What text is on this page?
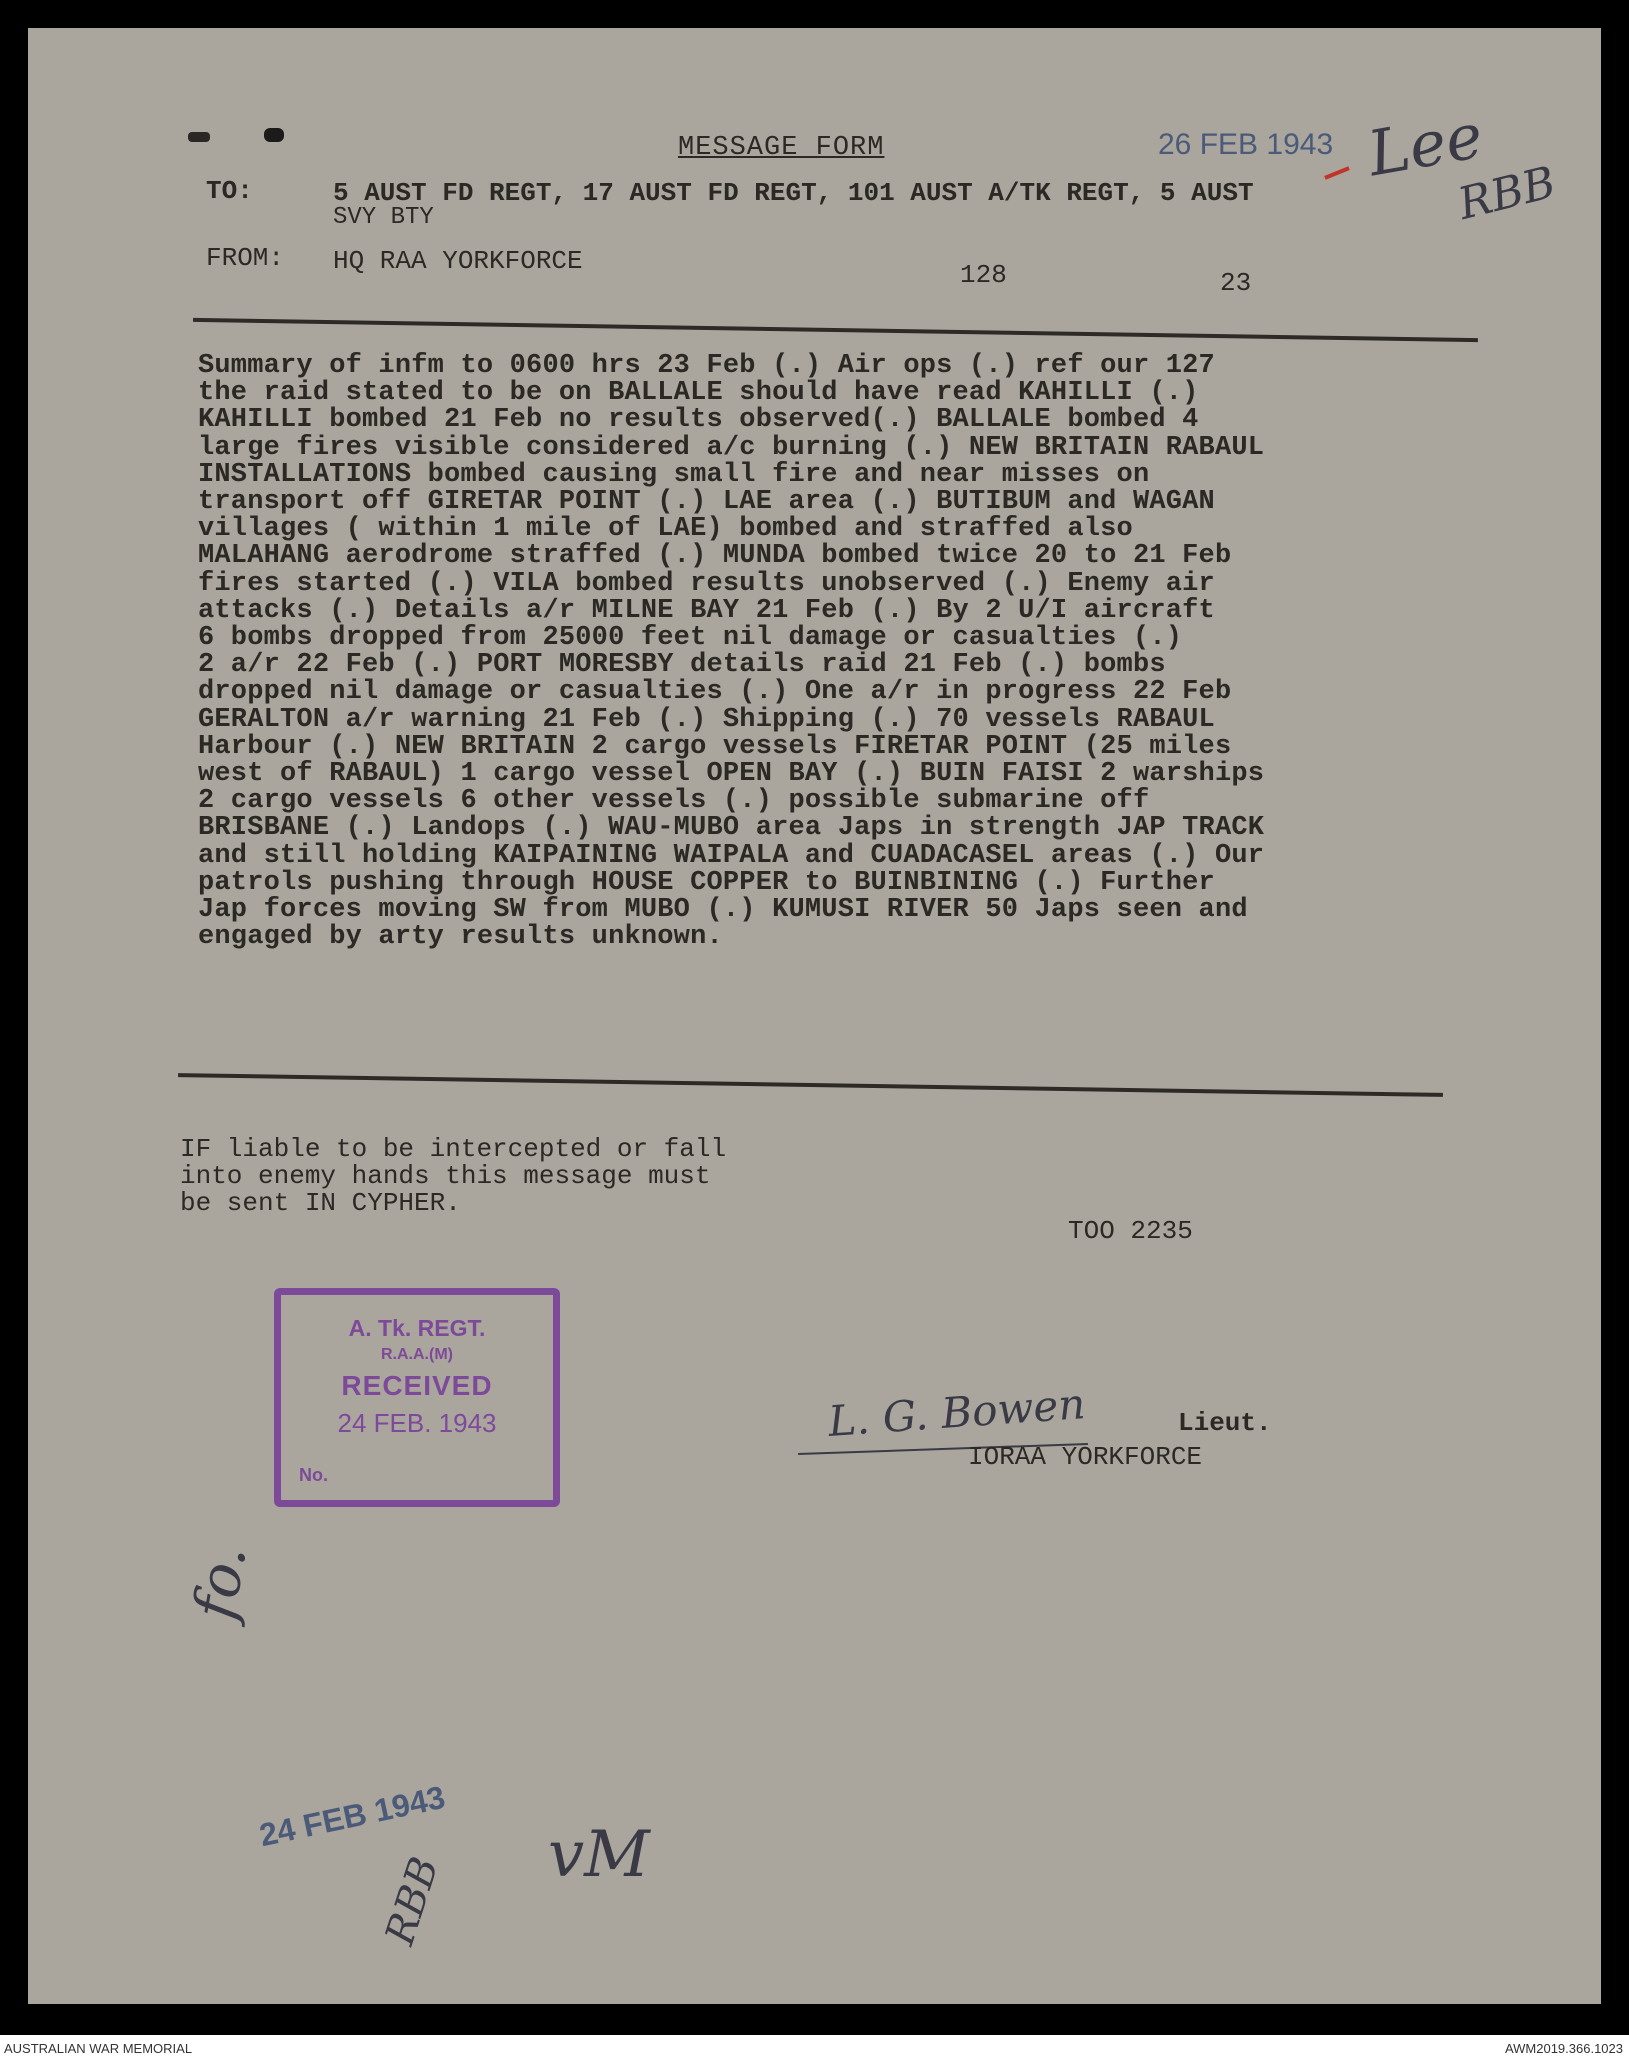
MESSAGE FORM	26 FEB 1943 Lee
RBB
TO:	5 AUST FD REGT, 17 AUST FD REGT, 101 AUST A/TK REGT, 5 AUST
SVY BTY
FROM: HQ RAA YORKFORCE	128	23
Summary of infm to 0600 hrs 23 Feb (.) Air ops (.) ref our 127
the raid stated to be on BALLALE should have read KAHILLI (.)
KAHILLI bombed 21 Feb no results observed(.) BALLALE bombed 4
large fires visible considered a/c burning (.) NEW BRITAIN RABAUL
INSTALLATIONS bombed causing small fire and near misses on
transport off GIRETAR POINT (.) LAE area (.) BUTIBUM and WAGAN
villages ( within 1 mile of LAE) bombed and straffed also
MALAHANG aerodrome straffed (.) MUNDA bombed twice 20 to 21 Feb
fires started (.) VILA bombed results unobserved (.) Enemy air
attacks (.) Details a/r MILNE BAY 21 Feb (.) By 2 U/I aircraft
6 bombs dropped from 25000 feet nil damage or casualties (.)
2 a/r 22 Feb (.) PORT MORESBY details raid 21 Feb (.) bombs
dropped nil damage or casualties (.) One a/r in progress 22 Feb
GERALTON a/r warning 21 Feb (.) Shipping (.) 70 vessels RABAUL
Harbour (.) NEW BRITAIN 2 cargo vessels FIRETAR POINT (25 miles
west of RABAUL) 1 cargo vessel OPEN BAY (.) BUIN FAISI 2 warships
2 cargo vessels 6 other vessels (.) possible submarine off
BRISBANE (.) Landops (.) WAU-MUBO area Japs in strength JAP TRACK
and still holding KAIPAINING WAIPALA and CUADACASEL areas (.) Our
patrols pushing through HOUSE COPPER to BUINBINING (.) Further
Jap forces moving SW from MUBO (.) KUMUSI RIVER 50 Japs seen and
engaged by arty results unknown.
IF liable to be intercepted or fall
into enemy hands this message must
be sent IN CYPHER.
TOO 2235
A. Tk. REGT.
R.A.A.(M)
RECEIVED
24 FEB. 1943
No.
L. G. Bowen	Lieut.
IORAA YORKFORCE
fo.
24 FEB 1943
RBB vM
AUSTRALIAN WAR MEMORIAL	AWM2019.366.1023
